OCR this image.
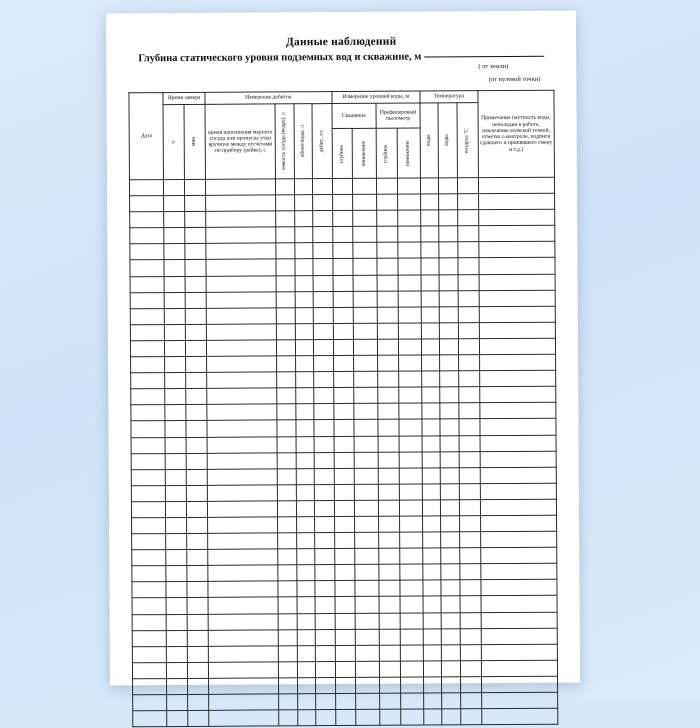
Данные наблюдений
Глубина статического уровня подземных вод и скважине, м
( от земли)
(от нулевой точки)
Дата	Время замера		Измерение дебитов				Измерение уровней воды, м				Температура			Примечание (мутность воды, неполадки в работе, извлечение мужской точкой, отметка о контроле, подписи сдавшего и принявшего смену и т.д.)

	ч	мин	время наполнения мерного сосуда или пропуска утки вручную между отсчетами по прибору (рейке), с	емкость сосуда (ведра), л	объем воды, л	дебит, л/с	Скважина		Префилеровый пьезометр		воды	воды	воздуха °С	

							глубина	понижение	глубина	понижение				
